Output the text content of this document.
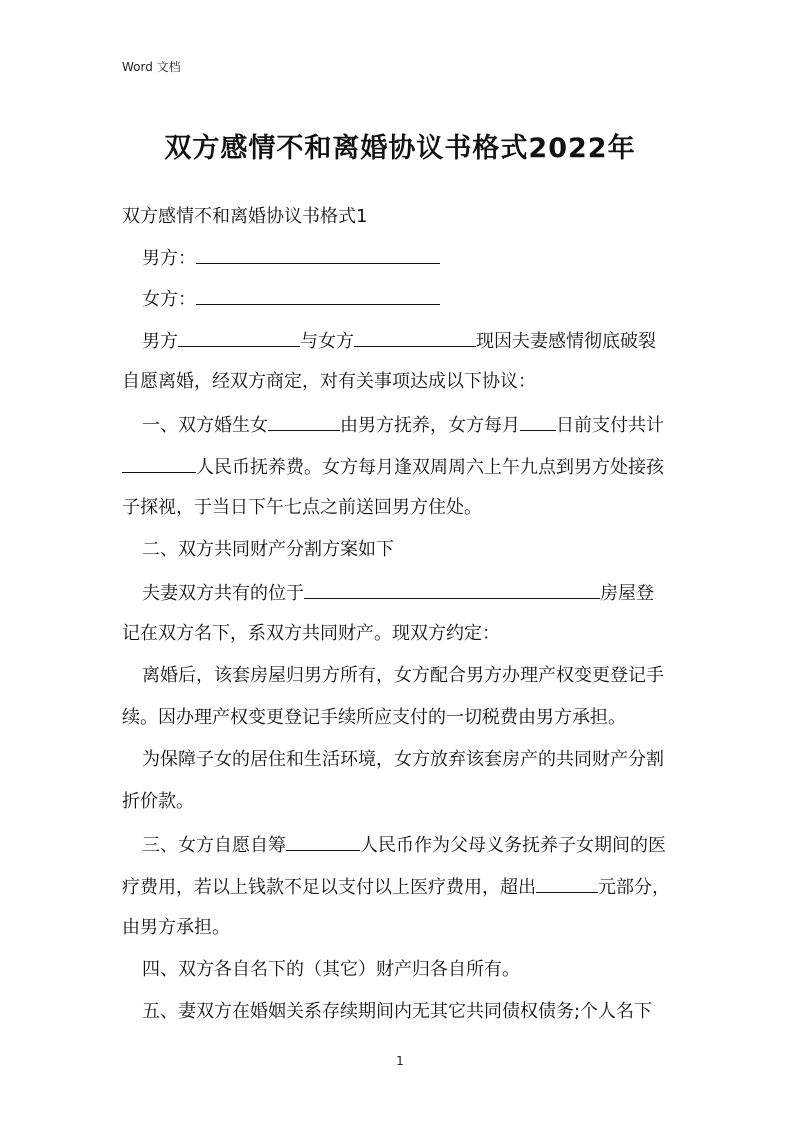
Word 文档
双方感情不和离婚协议书格式2022年
双方感情不和离婚协议书格式1
男方：
女方：
男方	与女方	现因夫妻感情彻底破裂
自愿离婚，经双方商定，对有关事项达成以下协议：
一、双方婚生女	由男方抚养，女方每月 日前支付共计
人民币抚养费。女方每月逢双周周六上午九点到男方处接孩
子探视，于当日下午七点之前送回男方住处。
二、双方共同财产分割方案如下
夫妻双方共有的位于	房屋登
记在双方名下，系双方共同财产。现双方约定：
离婚后，该套房屋归男方所有，女方配合男方办理产权变更登记手
续。因办理产权变更登记手续所应支付的一切税费由男方承担。
为保障子女的居住和生活环境，女方放弃该套房产的共同财产分割
折价款。
三、女方自愿自筹	人民币作为父母义务抚养子女期间的医
疗费用，若以上钱款不足以支付以上医疗费用，超出	元部分，
由男方承担。
四、双方各自名下的（其它）财产归各自所有。
五、妻双方在婚姻关系存续期间内无其它共同债权债务;个人名下
1
